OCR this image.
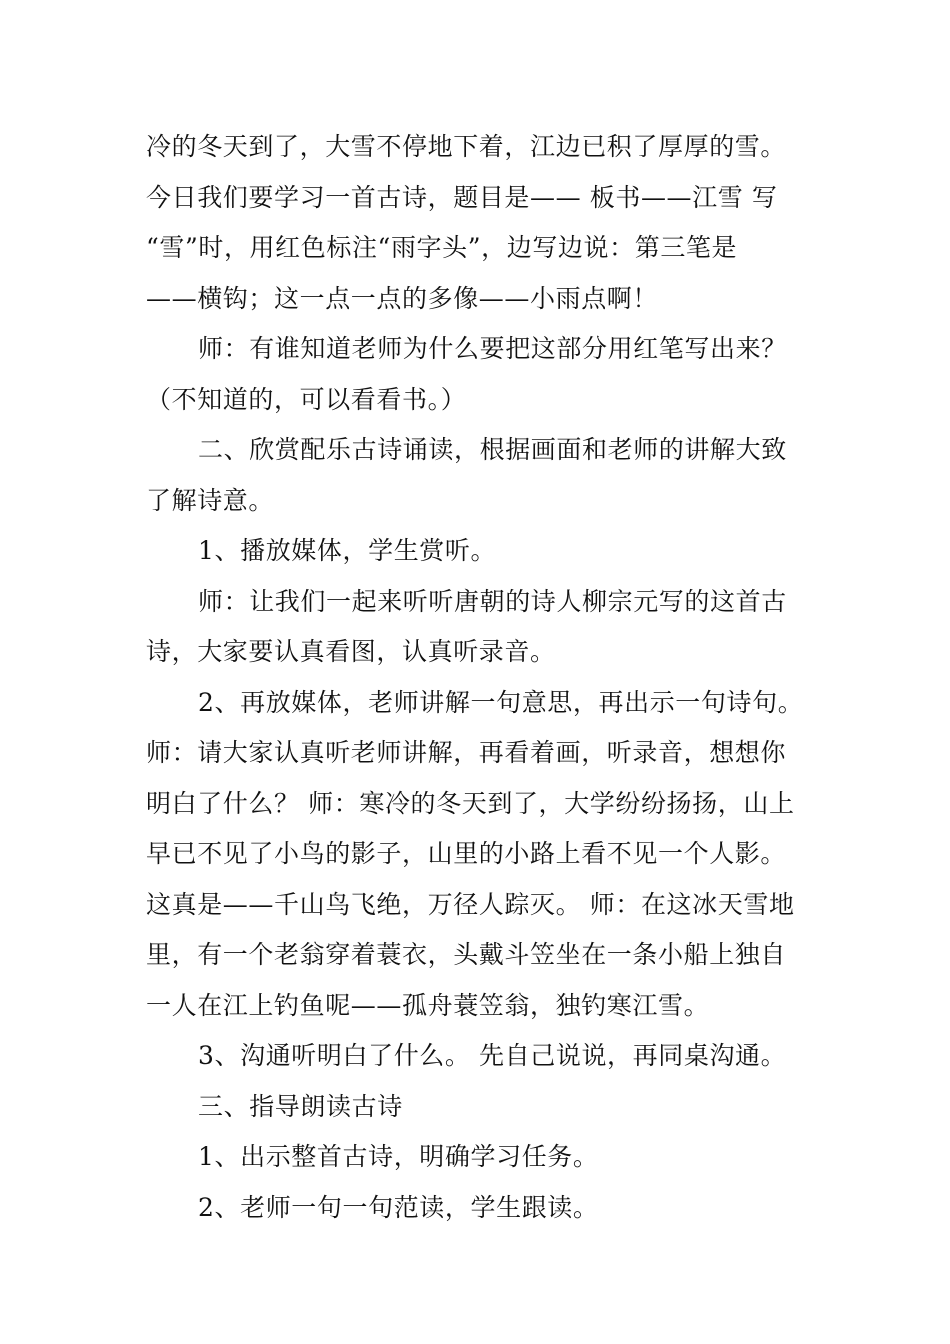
冷的冬天到了，大雪不停地下着，江边已积了厚厚的雪。
今日我们要学习一首古诗，题目是—— 板书——江雪 写
“雪”时，用红色标注“雨字头”，边写边说：第三笔是
——横钩；这一点一点的多像——小雨点啊！
师：有谁知道老师为什么要把这部分用红笔写出来？
（不知道的，可以看看书。）
二、欣赏配乐古诗诵读，根据画面和老师的讲解大致
了解诗意。
1、播放媒体，学生赏听。
师：让我们一起来听听唐朝的诗人柳宗元写的这首古
诗，大家要认真看图，认真听录音。
2、再放媒体，老师讲解一句意思，再出示一句诗句。
师：请大家认真听老师讲解，再看着画，听录音，想想你
明白了什么？ 师：寒冷的冬天到了，大学纷纷扬扬，山上
早已不见了小鸟的影子，山里的小路上看不见一个人影。
这真是——千山鸟飞绝，万径人踪灭。 师：在这冰天雪地
里，有一个老翁穿着蓑衣，头戴斗笠坐在一条小船上独自
一人在江上钓鱼呢——孤舟蓑笠翁，独钓寒江雪。
3、沟通听明白了什么。 先自己说说，再同桌沟通。
三、指导朗读古诗
1、出示整首古诗，明确学习任务。
2、老师一句一句范读，学生跟读。
